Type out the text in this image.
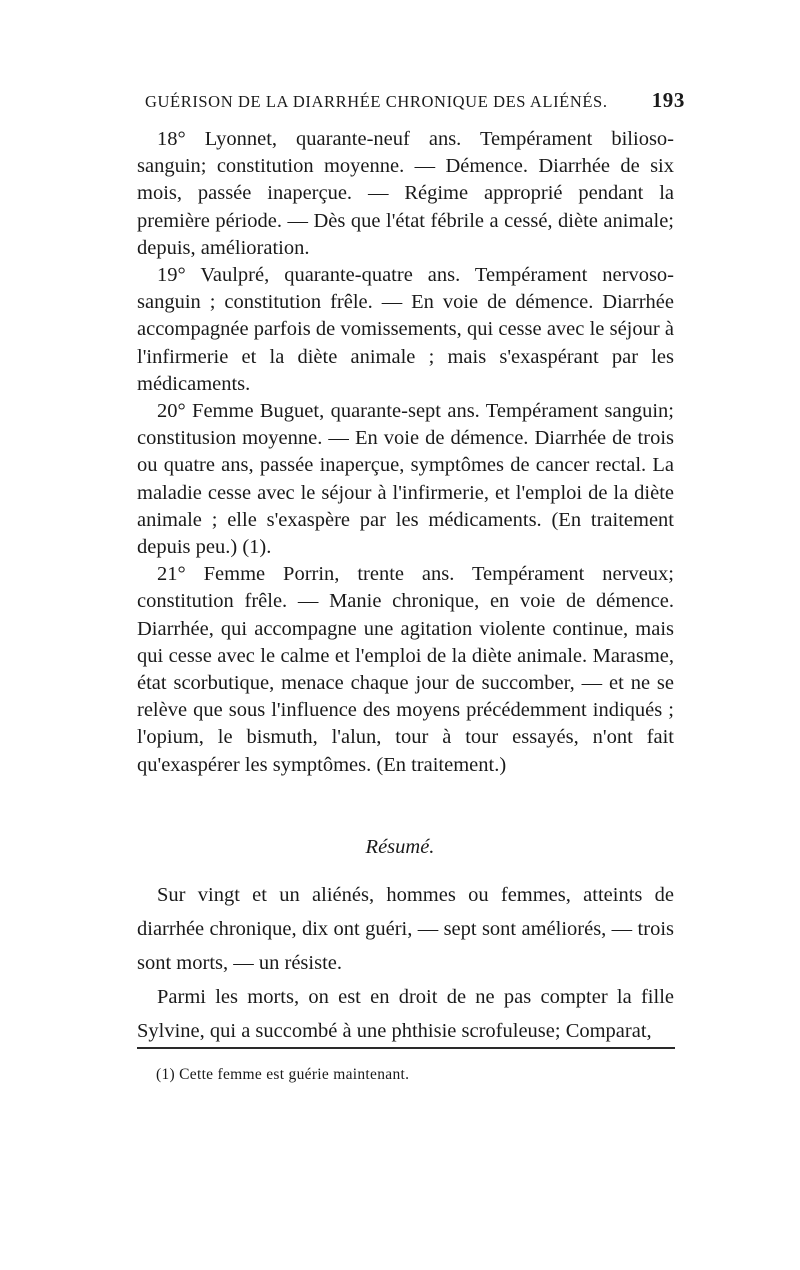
GUÉRISON DE LA DIARRHÉE CHRONIQUE DES ALIÉNÉS. 193

18° Lyonnet, quarante-neuf ans. Tempérament bilioso-sanguin; constitution moyenne. — Démence. Diarrhée de six mois, passée inaperçue. — Régime approprié pendant la première période. — Dès que l'état fébrile a cessé, diète animale; depuis, amélioration.

19° Vaulpré, quarante-quatre ans. Tempérament nervoso-sanguin ; constitution frêle. — En voie de démence. Diarrhée accompagnée parfois de vomissements, qui cesse avec le séjour à l'infirmerie et la diète animale ; mais s'exaspérant par les médicaments.

20° Femme Buguet, quarante-sept ans. Tempérament sanguin; constitusion moyenne. — En voie de démence. Diarrhée de trois ou quatre ans, passée inaperçue, symptômes de cancer rectal. La maladie cesse avec le séjour à l'infirmerie, et l'emploi de la diète animale ; elle s'exaspère par les médicaments. (En traitement depuis peu.) (1).

21° Femme Porrin, trente ans. Tempérament nerveux; constitution frêle. — Manie chronique, en voie de démence. Diarrhée, qui accompagne une agitation violente continue, mais qui cesse avec le calme et l'emploi de la diète animale. Marasme, état scorbutique, menace chaque jour de succomber, — et ne se relève que sous l'influence des moyens précédemment indiqués ; l'opium, le bismuth, l'alun, tour à tour essayés, n'ont fait qu'exaspérer les symptômes. (En traitement.)

Résumé.

Sur vingt et un aliénés, hommes ou femmes, atteints de diarrhée chronique, dix ont guéri, — sept sont améliorés, — trois sont morts, — un résiste.

Parmi les morts, on est en droit de ne pas compter la fille Sylvine, qui a succombé à une phthisie scrofuleuse; Comparat,

(1) Cette femme est guérie maintenant.
